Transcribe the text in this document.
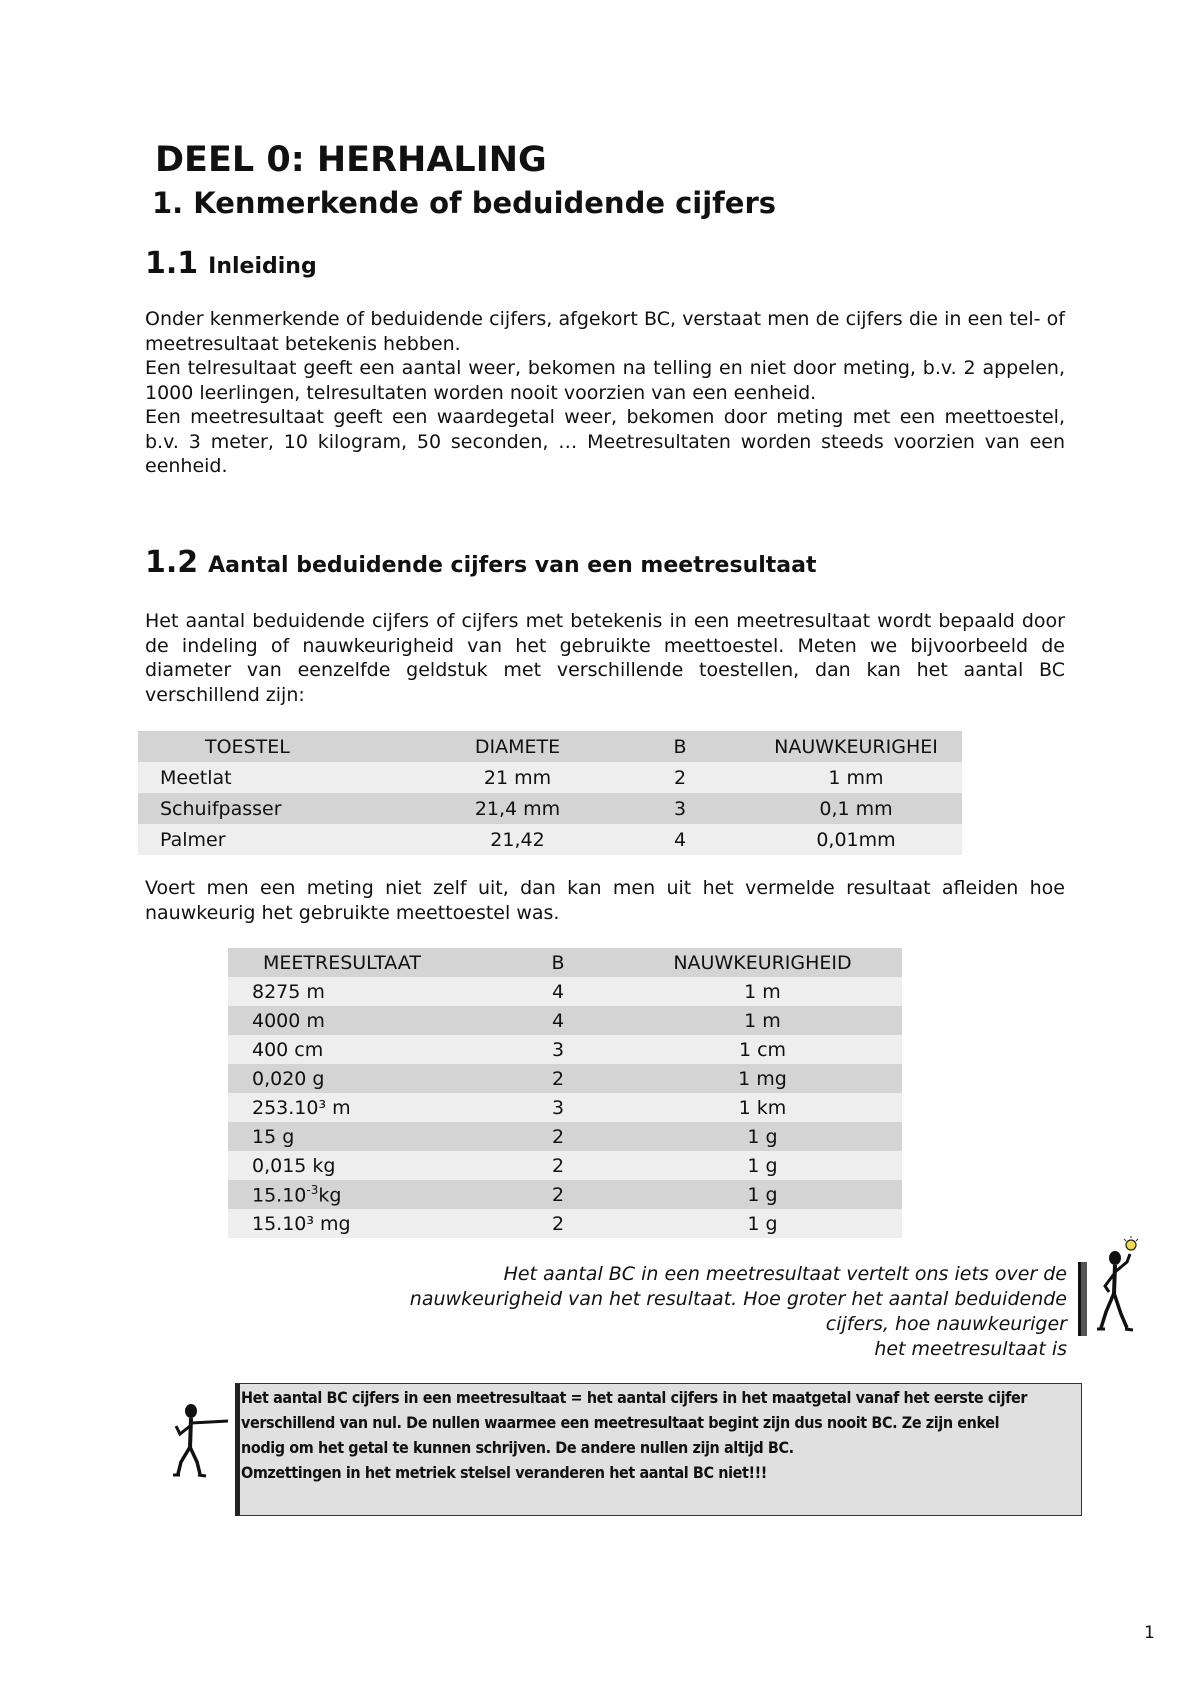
DEEL 0: HERHALING
1. Kenmerkende of beduidende cijfers
1.1 Inleiding

Onder kenmerkende of beduidende cijfers, afgekort BC, verstaat men de cijfers die in een tel- of meetresultaat betekenis hebben.

Een telresultaat geeft een aantal weer, bekomen na telling en niet door meting, b.v. 2 appelen, 1000 leerlingen, telresultaten worden nooit voorzien van een eenheid.

Een meetresultaat geeft een waardegetal weer, bekomen door meting met een meettoestel, b.v. 3 meter, 10 kilogram, 50 seconden, … Meetresultaten worden steeds voorzien van een eenheid.

1.2 Aantal beduidende cijfers van een meetresultaat

Het aantal beduidende cijfers of cijfers met betekenis in een meetresultaat wordt bepaald door de indeling of nauwkeurigheid van het gebruikte meettoestel. Meten we bijvoorbeeld de diameter van eenzelfde geldstuk met verschillende toestellen, dan kan het aantal BC verschillend zijn:

TOESTEL	DIAMETE	B	NAUWKEURIGHEI
Meetlat	21 mm	2	1 mm
Schuifpasser	21,4 mm	3	0,1 mm
Palmer	21,42	4	0,01mm

Voert men een meting niet zelf uit, dan kan men uit het vermelde resultaat afleiden hoe nauwkeurig het gebruikte meettoestel was.

MEETRESULTAAT	B	NAUWKEURIGHEID
8275 m	4	1 m
4000 m	4	1 m
400 cm	3	1 cm
0,020 g	2	1 mg
253.10³ m	3	1 km
15 g	2	1 g
0,015 kg	2	1 g
$15.10^{-3}kg$	2	1 g
15.10³ mg	2	1 g

Het aantal BC in een meetresultaat vertelt ons iets over de
nauwkeurigheid van het resultaat. Hoe groter het aantal beduidende
cijfers, hoe nauwkeuriger
het meetresultaat is

Het aantal BC cijfers in een meetresultaat = het aantal cijfers in het maatgetal vanaf het eerste cijfer

verschillend van nul. De nullen waarmee een meetresultaat begint zijn dus nooit BC. Ze zijn enkel

nodig om het getal te kunnen schrijven. De andere nullen zijn altijd BC.

Omzettingen in het metriek stelsel veranderen het aantal BC niet!!!

1
